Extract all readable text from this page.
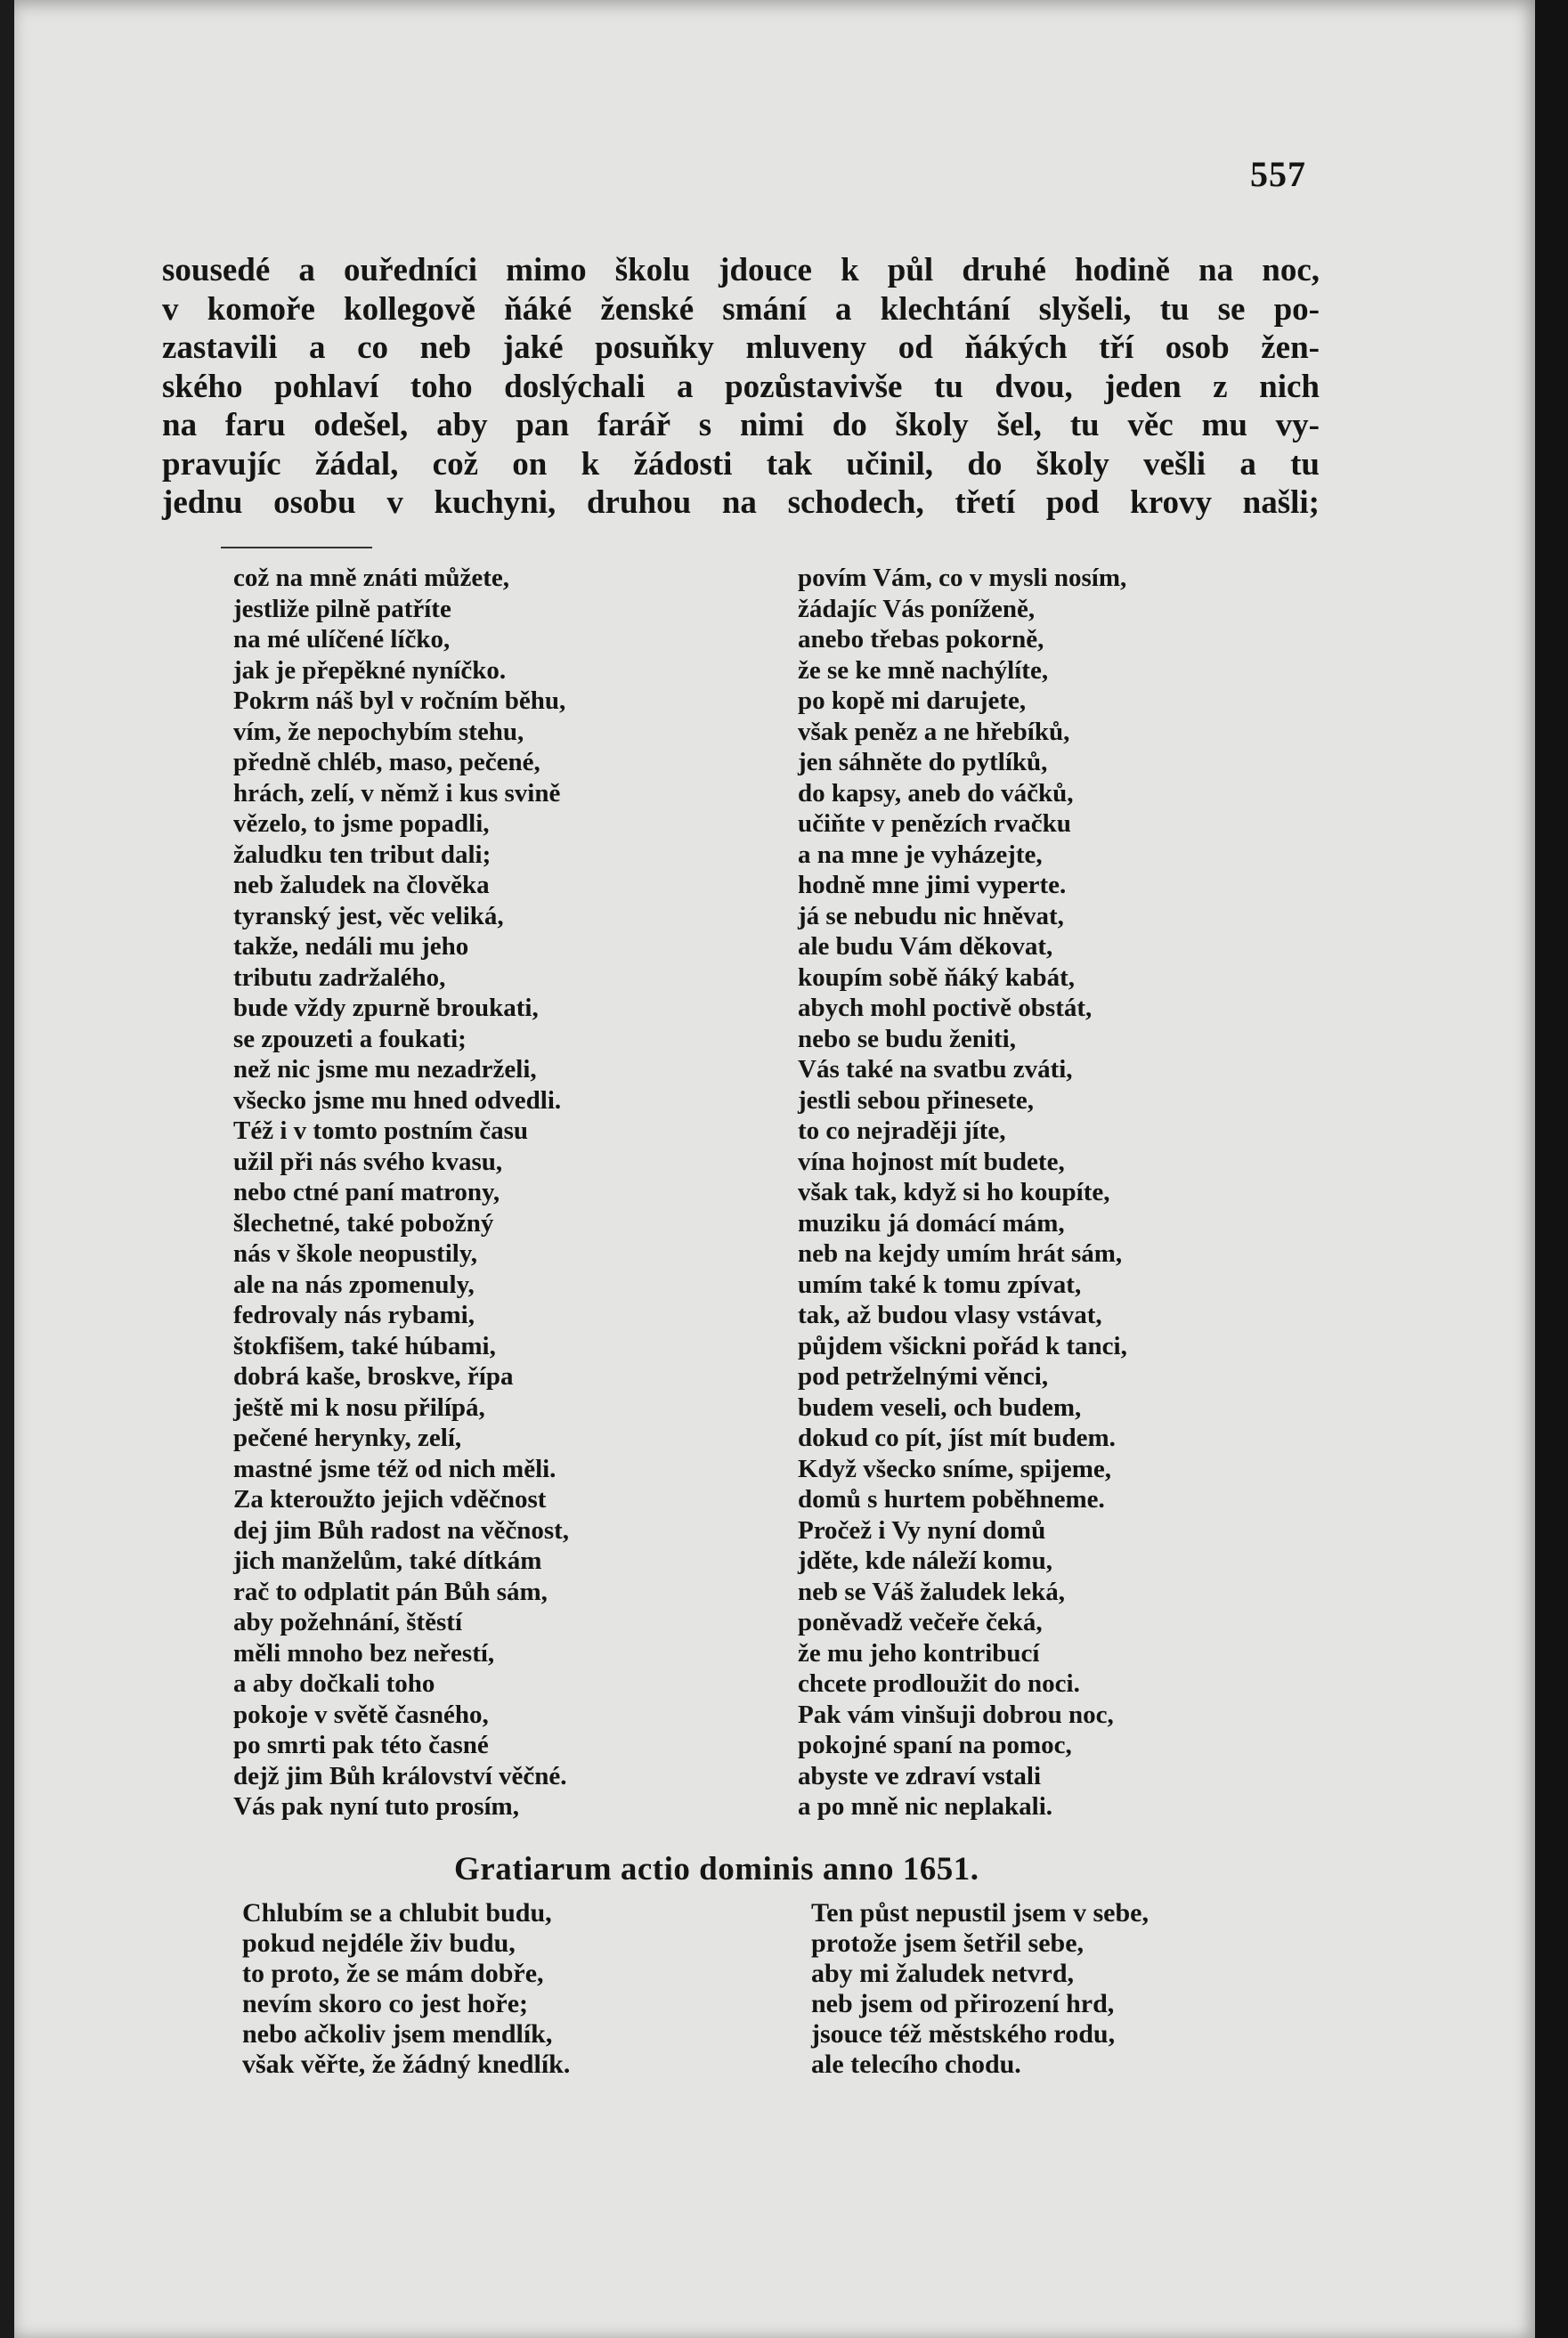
557
sousedé a ouředníci mimo školu jdouce k půl druhé hodině na noc,
v komoře kollegově ňáké ženské smání a klechtání slyšeli, tu se po-
zastavili a co neb jaké posuňky mluveny od ňákých tří osob žen-
ského pohlaví toho doslýchali a pozůstavivše tu dvou, jeden z nich
na faru odešel, aby pan farář s nimi do školy šel, tu věc mu vy-
pravujíc žádal, což on k žádosti tak učinil, do školy vešli a tu
jednu osobu v kuchyni, druhou na schodech, třetí pod krovy našli;
což na mně znáti můžete,
jestliže pilně patříte
na mé ulíčené líčko,
jak je přepěkné nyníčko.
Pokrm náš byl v ročním běhu,
vím, že nepochybím stehu,
předně chléb, maso, pečené,
hrách, zelí, v němž i kus svině
vězelo, to jsme popadli,
žaludku ten tribut dali;
neb žaludek na člověka
tyranský jest, věc veliká,
takže, nedáli mu jeho
tributu zadržalého,
bude vždy zpurně broukati,
se zpouzeti a foukati;
než nic jsme mu nezadrželi,
všecko jsme mu hned odvedli.
Též i v tomto postním času
užil při nás svého kvasu,
nebo ctné paní matrony,
šlechetné, také pobožný
nás v škole neopustily,
ale na nás zpomenuly,
fedrovaly nás rybami,
štokfišem, také húbami,
dobrá kaše, broskve, řípa
ještě mi k nosu přilípá,
pečené herynky, zelí,
mastné jsme též od nich měli.
Za kteroužto jejich vděčnost
dej jim Bůh radost na věčnost,
jich manželům, také dítkám
rač to odplatit pán Bůh sám,
aby požehnání, štěstí
měli mnoho bez neřestí,
a aby dočkali toho
pokoje v světě časného,
po smrti pak této časné
dejž jim Bůh království věčné.
Vás pak nyní tuto prosím,
povím Vám, co v mysli nosím,
žádajíc Vás poníženě,
anebo třebas pokorně,
že se ke mně nachýlíte,
po kopě mi darujete,
však peněz a ne hřebíků,
jen sáhněte do pytlíků,
do kapsy, aneb do váčků,
učiňte v penězích rvačku
a na mne je vyházejte,
hodně mne jimi vyperte.
já se nebudu nic hněvat,
ale budu Vám děkovat,
koupím sobě ňáký kabát,
abych mohl poctivě obstát,
nebo se budu ženiti,
Vás také na svatbu zváti,
jestli sebou přinesete,
to co nejraději jíte,
vína hojnost mít budete,
však tak, když si ho koupíte,
muziku já domácí mám,
neb na kejdy umím hrát sám,
umím také k tomu zpívat,
tak, až budou vlasy vstávat,
půjdem všickni pořád k tanci,
pod petrželnými věnci,
budem veseli, och budem,
dokud co pít, jíst mít budem.
Když všecko sníme, spijeme,
domů s hurtem poběhneme.
Pročež i Vy nyní domů
jděte, kde náleží komu,
neb se Váš žaludek leká,
poněvadž večeře čeká,
že mu jeho kontribucí
chcete prodloužit do noci.
Pak vám vinšuji dobrou noc,
pokojné spaní na pomoc,
abyste ve zdraví vstali
a po mně nic neplakali.
Gratiarum actio dominis anno 1651.
Chlubím se a chlubit budu,
pokud nejdéle živ budu,
to proto, že se mám dobře,
nevím skoro co jest hoře;
nebo ačkoliv jsem mendlík,
však věřte, že žádný knedlík.
Ten půst nepustil jsem v sebe,
protože jsem šetřil sebe,
aby mi žaludek netvrd,
neb jsem od přirození hrd,
jsouce též městského rodu,
ale telecího chodu.
